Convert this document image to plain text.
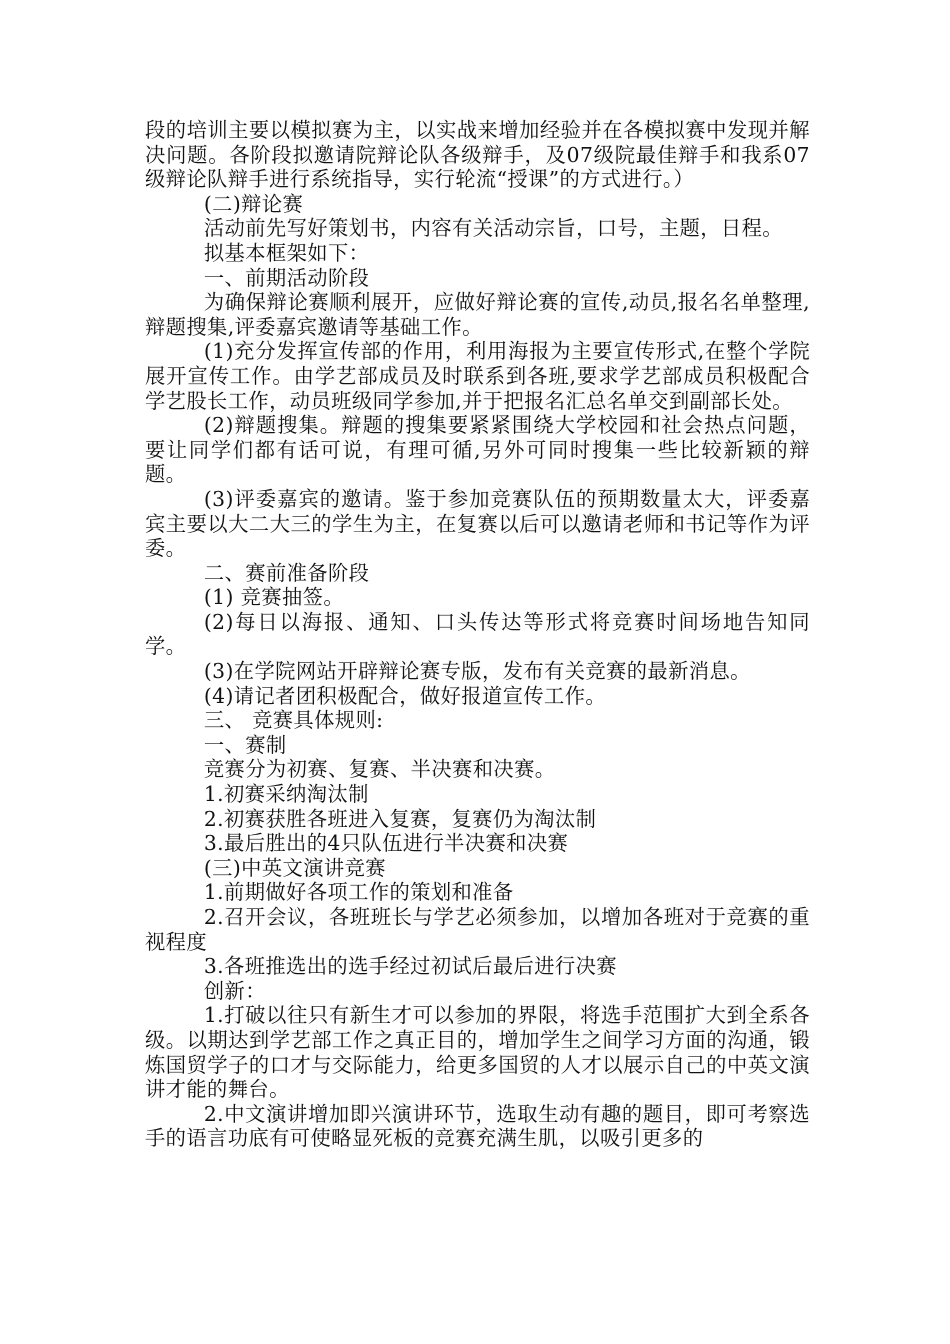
段的培训主要以模拟赛为主，以实战来增加经验并在各模拟赛中发现并解决问题。各阶段拟邀请院辩论队各级辩手，及07级院最佳辩手和我系07级辩论队辩手进行系统指导，实行轮流“授课”的方式进行。）

(二)辩论赛

活动前先写好策划书，内容有关活动宗旨，口号，主题，日程。

拟基本框架如下：

一、前期活动阶段

为确保辩论赛顺利展开，应做好辩论赛的宣传,动员,报名名单整理,辩题搜集,评委嘉宾邀请等基础工作。

(1)充分发挥宣传部的作用，利用海报为主要宣传形式,在整个学院展开宣传工作。由学艺部成员及时联系到各班,要求学艺部成员积极配合学艺股长工作，动员班级同学参加,并于把报名汇总名单交到副部长处。

(2)辩题搜集。辩题的搜集要紧紧围绕大学校园和社会热点问题，要让同学们都有话可说，有理可循,另外可同时搜集一些比较新颖的辩题。

(3)评委嘉宾的邀请。鉴于参加竞赛队伍的预期数量太大，评委嘉宾主要以大二大三的学生为主，在复赛以后可以邀请老师和书记等作为评委。

二、赛前准备阶段

(1) 竞赛抽签。

(2)每日以海报、通知、口头传达等形式将竞赛时间场地告知同学。

(3)在学院网站开辟辩论赛专版，发布有关竞赛的最新消息。

(4)请记者团积极配合，做好报道宣传工作。

三、 竞赛具体规则:

一、赛制

竞赛分为初赛、复赛、半决赛和决赛。

1.初赛采纳淘汰制

2.初赛获胜各班进入复赛，复赛仍为淘汰制

3.最后胜出的4只队伍进行半决赛和决赛

(三)中英文演讲竞赛

1.前期做好各项工作的策划和准备

2.召开会议，各班班长与学艺必须参加，以增加各班对于竞赛的重视程度

3.各班推选出的选手经过初试后最后进行决赛

创新：

1.打破以往只有新生才可以参加的界限，将选手范围扩大到全系各级。以期达到学艺部工作之真正目的，增加学生之间学习方面的沟通，锻炼国贸学子的口才与交际能力，给更多国贸的人才以展示自己的中英文演讲才能的舞台。

2.中文演讲增加即兴演讲环节，选取生动有趣的题目，即可考察选手的语言功底有可使略显死板的竞赛充满生肌，以吸引更多的
